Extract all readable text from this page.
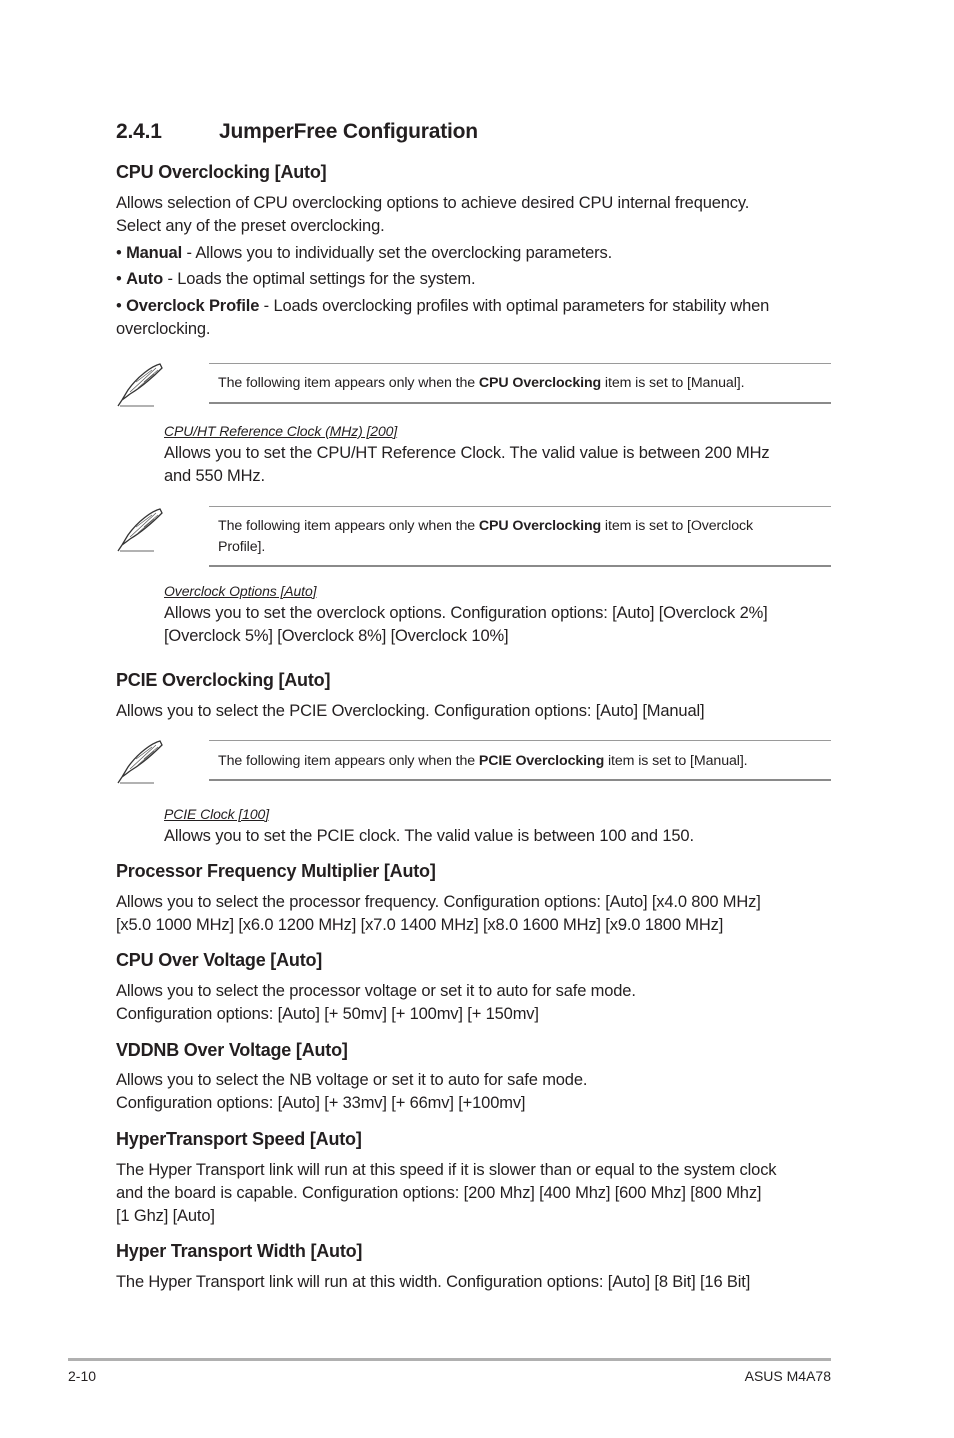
2.4.1	JumperFree Configuration
CPU Overclocking [Auto]
Allows selection of CPU overclocking options to achieve desired CPU internal frequency.
Select any of the preset overclocking.
• Manual - Allows you to individually set the overclocking parameters.
• Auto - Loads the optimal settings for the system.
• Overclock Profile - Loads overclocking profiles with optimal parameters for stability when
overclocking.
The following item appears only when the CPU Overclocking item is set to [Manual].
CPU/HT Reference Clock (MHz) [200]
Allows you to set the CPU/HT Reference Clock. The valid value is between 200 MHz
and 550 MHz.
The following item appears only when the CPU Overclocking item is set to [Overclock
Profile].
Overclock Options [Auto]
Allows you to set the overclock options. Configuration options: [Auto] [Overclock 2%]
[Overclock 5%] [Overclock 8%] [Overclock 10%]
PCIE Overclocking [Auto]
Allows you to select the PCIE Overclocking. Configuration options: [Auto] [Manual]
The following item appears only when the PCIE Overclocking item is set to [Manual].
PCIE Clock [100]
Allows you to set the PCIE clock. The valid value is between 100 and 150.
Processor Frequency Multiplier [Auto]
Allows you to select the processor frequency. Configuration options: [Auto] [x4.0 800 MHz]
[x5.0 1000 MHz] [x6.0 1200 MHz] [x7.0 1400 MHz] [x8.0 1600 MHz] [x9.0 1800 MHz]
CPU Over Voltage [Auto]
Allows you to select the processor voltage or set it to auto for safe mode.
Configuration options: [Auto] [+ 50mv] [+ 100mv] [+ 150mv]
VDDNB Over Voltage [Auto]
Allows you to select the NB voltage or set it to auto for safe mode.
Configuration options: [Auto] [+ 33mv] [+ 66mv] [+100mv]
HyperTransport Speed [Auto]
The Hyper Transport link will run at this speed if it is slower than or equal to the system clock
and the board is capable. Configuration options: [200 Mhz] [400 Mhz] [600 Mhz] [800 Mhz]
[1 Ghz] [Auto]
Hyper Transport Width [Auto]
The Hyper Transport link will run at this width. Configuration options: [Auto] [8 Bit] [16 Bit]
2-10	ASUS M4A78
